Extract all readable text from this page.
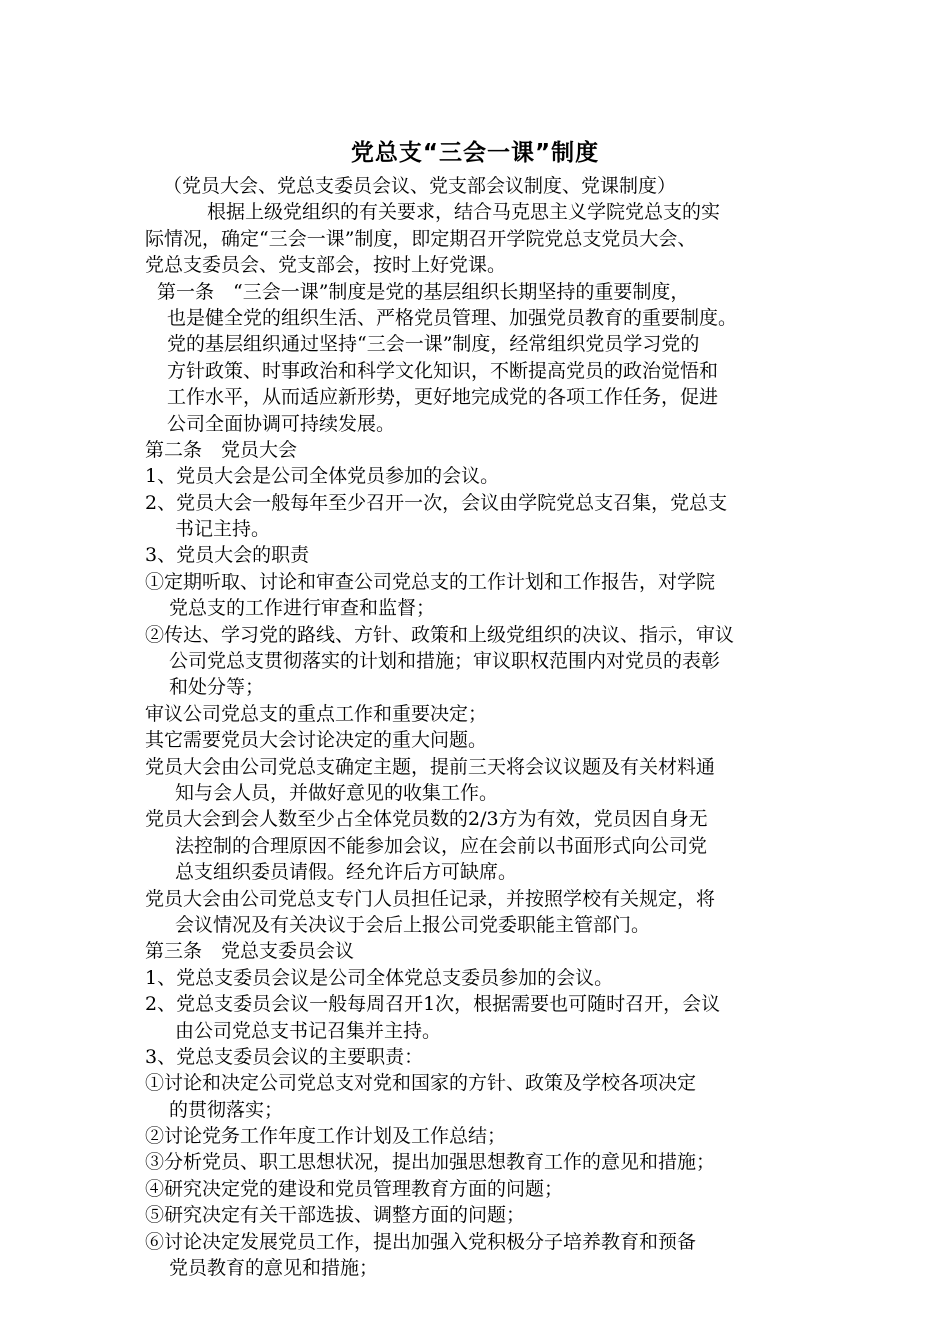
党总支“三会一课”制度
（党员大会、党总支委员会议、党支部会议制度、党课制度）
根据上级党组织的有关要求，结合马克思主义学院党总支的实
际情况，确定“三会一课”制度，即定期召开学院党总支党员大会、
党总支委员会、党支部会，按时上好党课。
第一条　“三会一课”制度是党的基层组织长期坚持的重要制度，
也是健全党的组织生活、严格党员管理、加强党员教育的重要制度。
党的基层组织通过坚持“三会一课”制度，经常组织党员学习党的
方针政策、时事政治和科学文化知识，不断提高党员的政治觉悟和
工作水平，从而适应新形势，更好地完成党的各项工作任务，促进
公司全面协调可持续发展。
第二条　党员大会
1、党员大会是公司全体党员参加的会议。
2、党员大会一般每年至少召开一次，会议由学院党总支召集，党总支
书记主持。
3、党员大会的职责
①定期听取、讨论和审查公司党总支的工作计划和工作报告，对学院
党总支的工作进行审查和监督；
②传达、学习党的路线、方针、政策和上级党组织的决议、指示，审议
公司党总支贯彻落实的计划和措施；审议职权范围内对党员的表彰
和处分等；
审议公司党总支的重点工作和重要决定；
其它需要党员大会讨论决定的重大问题。
党员大会由公司党总支确定主题，提前三天将会议议题及有关材料通
知与会人员，并做好意见的收集工作。
党员大会到会人数至少占全体党员数的2/3方为有效，党员因自身无
法控制的合理原因不能参加会议，应在会前以书面形式向公司党
总支组织委员请假。经允许后方可缺席。
党员大会由公司党总支专门人员担任记录，并按照学校有关规定，将
会议情况及有关决议于会后上报公司党委职能主管部门。
第三条　党总支委员会议
1、党总支委员会议是公司全体党总支委员参加的会议。
2、党总支委员会议一般每周召开1次，根据需要也可随时召开，会议
由公司党总支书记召集并主持。
3、党总支委员会议的主要职责：
①讨论和决定公司党总支对党和国家的方针、政策及学校各项决定
的贯彻落实；
②讨论党务工作年度工作计划及工作总结；
③分析党员、职工思想状况，提出加强思想教育工作的意见和措施；
④研究决定党的建设和党员管理教育方面的问题；
⑤研究决定有关干部选拔、调整方面的问题；
⑥讨论决定发展党员工作，提出加强入党积极分子培养教育和预备
党员教育的意见和措施；
